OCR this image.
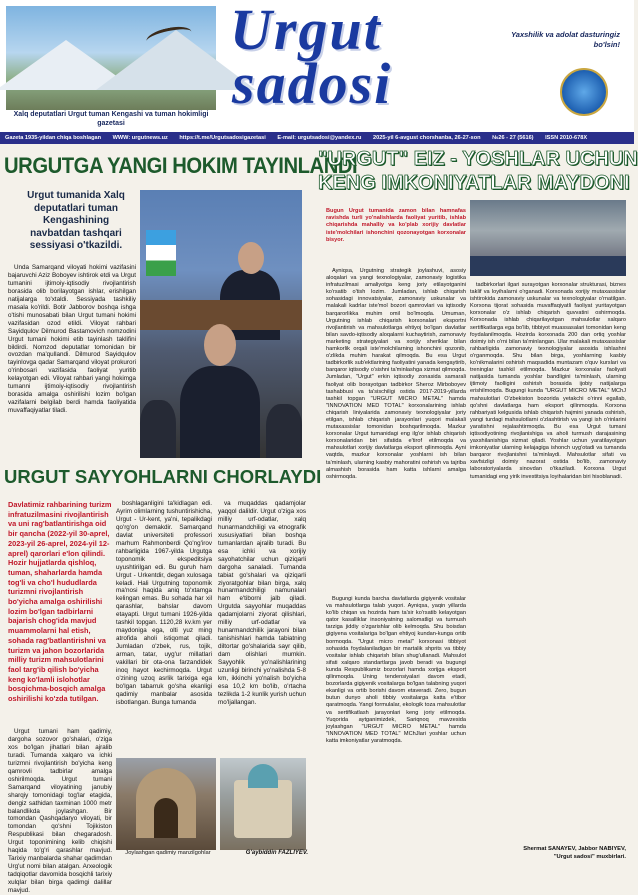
Xalq deputatlari Urgut tuman Kengashi va tuman hokimligi gazetasi
Urgut
sadosi
Yaxshilik va adolat dasturingiz bo'lsin!
Gazeta 1935-yildan chiqa boshlagan WWW: urgutnews.uz https://t.me/Urgutsadosigazetasi E-mail: urgutsadosi@yandex.ru 2025-yil 6-avgust chorshanba, 26-27-son №26 - 27 (5616) ISSN 2010-678X
URGUTGA YANGI HOKIM TAYINLANDI
Urgut tumanida Xalq deputatlari tuman Kengashining navbatdan tashqari sessiyasi o'tkazildi.

Unda Samarqand viloyati hokimi vazifasini bajaruvchi Aziz Boboyev ishtirok etdi va Urgut tumanini ijtimoiy-iqtisodiy rivojlantirish borasida olib borilayotgan ishlar, erishilgan natijalarga to'xtaldi. Sessiyada tashkiliy masala ko'rildi. Botir Jabborov boshqa ishga o'tishi munosabati bilan Urgut tumani hokimi vazifasidan ozod etildi. Viloyat rahbari Sayidqulov Dilmurod Bastamovich nomzodini Urgut tumani hokimi etib tayinlash taklifini bildirdi. Nomzod deputatlar tomonidan bir ovozdan ma'qullandi. Dilmurod Sayidqulov tayinlovga qadar Samarqand viloyat prokurori o'rinbosari vazifasida faoliyat yuritib kelayotgan edi. Viloyat rahbari yangi hokimga tumanni ijtimoiy-iqtisodiy rivojlantirish borasida amalga oshirilishi lozim bo'lgan vazifalarni belgilab berdi hamda faoliyatida muvaffaqiyatlar tiladi.

URGUT SAYYOHLARNI CHORLAYDI
Davlatimiz rahbarining turizm infratuzilmasini rivojlantirish va uni rag'batlantirishga oid bir qancha (2022-yil 30-aprel, 2023-yil 26-aprel, 2024-yil 12-aprel) qarorlari e'lon qilindi. Hozir hujjatlarda qishloq, tuman, shaharlarda hamda tog'li va cho'l hududlarda turizmni rivojlantirish bo'yicha amalga oshirilishi lozim bo'lgan tadbirlarni bajarish chog'ida mavjud muammolarni hal etish, sohada rag'batlantirishni va turizm va jahon bozorlarida milliy turizm mahsulotlarini faol targ'ib qilish bo'yicha keng ko'lamli islohotlar bosqichma-bosqich amalga oshirilishi ko'zda tutilgan.

Urgut tumani ham qadimiy, dargoha sozovor go'shalari, o'ziga xos bo'lgan jihatlari bilan ajralib turadi. Tumanda xalqaro va ichki turizmni rivojlantirish bo'yicha keng qamrovli tadbirlar amalga oshirilmoqda. Urgut tumani Samarqand viloyatining janubiy sharqiy tomonidagi tog'lar etagida, dengiz sathidan taxminan 1000 metr balandlikda joylashgan. Bir tomondan Qashqadaryo viloyati, bir tomondan qo'shni Tojikiston Respublikasi bilan chegaradosh. Urgut toponimining kelib chiqishi haqida to'g'ri qarashlar mavjud. Tarixiy manbalarda shahar qadimdan Urg'ut nomi bilan atalgan. Arxeologik tadqiqotlar davomida bosqichli tarixiy xulqlar bilan birga qadimgi dalillar mavjud.

boshlaganligini ta'kidlagan edi. Ayrim olimlarning tushuntirishicha, Urgut - Ur-kent, ya'ni, tepalikdagi qo'rg'on demakdir. Samarqand davlat universiteti professori marhum Rahmonberdi Qo'ng'irov rahbarligida 1967-yilda Urgutga toponomik ekspeditsiya uyushtirilgan edi. Bu guruh ham Urgut - Urkentdir, degan xulosaga keladi. Hali Urgutning toponomik ma'nosi haqida aniq to'xtamga kelingan emas. Bu sohada har xil qarashlar, bahslar davom etayapti. Urgut tumani 1926-yilda tashkil topgan. 1120,28 kv.km yer maydoniga ega, olti yuz ming atrofida aholi istiqomat qiladi. Jumladan o'zbek, rus, tojik, arman, tatar, uyg'ur millatlari vakillari bir ota-ona farzandidek inoq hayot kechirmoqda. Urgut o'zining uzoq asrlik tarixiga ega bo'lgan tabarruk go'sha ekanligi qadimiy manbalar asosida isbotlangan. Bunga tumanda

va muqaddas qadamjolar yaqqol dalildir. Urgut o'ziga xos milliy urf-odatlar, xalq hunarmandchiligi va etnografik xususiyatlari bilan boshqa tumanlardan ajralib turadi. Bu esa ichki va xorijiy sayohatchilar uchun qiziqarli dargoha sanaladi. Tumanda tabiat go'shalari va qiziqarli ziyoratgohlar bilan birga, xalq hunarmandchiligi namunalari ham e'tiborni jalb qiladi. Urgutda sayyohlar muqaddas qadamjolarni ziyorat qilishlari, milliy urf-odatlar va hunarmandchilik jarayoni bilan tanishishlari hamda tabiatning diltortar go'shalarida sayr qilib, dam olishlari mumkin. Sayyohlik yo'nalishlarining uzunligi birinchi yo'nalishda 5-8 km, ikkinchi yo'nalish bo'yicha esa 10,2 km bo'lib, o'rtacha tezlikda 1-2 kunlik yurish uchun mo'ljallangan.

Joylashgan qadimiy manzilgohlar	G'aybiddin FAZLIYEV.
"URGUT" EIZ - YOSHLAR UCHUN
KENG IMKONIYATLAR MAYDONI
Bugun Urgut tumanida zamon bilan hamnafas ravishda turli yo'nalishlarda faoliyat yuritib, ishlab chiqarishda mahalliy va ko'plab xorijiy davlatlar iste'molchilari ishonchini qozonayotgan korxonalar bisyor.

Ayniqsa, Urgutning strategik joylashuvi, asosiy aloqalari va yangi texnologiyalar, zamonaviy logistika infratuzilmasi amaliyotga keng joriy etilayotganini ko'rsatib o'tish lozim. Jumladan, ishlab chiqarish sohasidagi innovatsiyalar, zamonaviy uskunalar va malakali kadrlar iste'mol bozori qamrovlari va iqtisodiy barqarorlikka muhim omil bo'lmoqda. Umuman, Urgutning ishlab chiqarish korxonalari eksportni rivojlantirish va mahsulotlarga ehtiyoj bo'lgan davlatlar bilan savdo-iqtisodiy aloqalarni kuchaytirish, zamonaviy marketing strategiyalari va xorijiy sheriklar bilan hamkorlik orqali iste'molchilarning ishonchini qozonib, o'zlikda muhim harakat qilmoqda. Bu esa Urgut tadbirkorlik sub'ektlarining faoliyatini yanada kengaytirib, barqaror iqtisodiy o'sishni ta'minlashga xizmat qilmoqda. Jumladan, "Urgut" erkin iqtisodiy zonasida samarali faoliyat olib borayotgan tadbirkor Sheroz Mirbobоyev tashabbusi va ta'sischiligi ostida 2017-2019-yillarda tashkil topgan "URGUT MICRO METAL" hamda "INNOVATION MED TOTAL" korxonalarining ishlab chiqarish liniyalarida zamonaviy texnologiyalar joriy etilgan, ishlab chiqarish jarayonlari yuqori malakali mutaxassislar tomonidan boshqarilmoqda. Mazkur korxonalar Urgut tumanidagi eng ilg'or ishlab chiqarish korxonalaridan biri sifatida e'tirof etilmoqda va mahsulotlari xorijiy davlatlarga eksport qilinmoqda. Ayni vaqtda, mazkur korxonalar yoshlarni ish bilan ta'minlash, ularning kasbiy mahoratini oshirish va tajriba almashish borasida ham katta ishlarni amalga oshirmoqda.

Bugungi kunda barcha davlatlarda gigiyenik vositalar va mahsulotlarga talab yuqori. Ayniqsa, yaqin yillarda ko'lib chiqan va hozirda ham ta'sir ko'rsatib kelayotgan qator kasalliklar insoniyatning salomatligi va turmush tarziga jiddiy o'zgarishlar olib kelmoqda. Shu boisdan gigiyena vositalariga bo'lgan ehtiyoj kundan-kunga ortib bormoqda. "Urgut micro metal" korxonasi tibbiyot sohasida foydalaniladigan bir martalik shprits va tibbiy vositalar ishlab chiqarish bilan shug'ullanadi. Mahsulot sifati xalqaro standartlarga javob beradi va bugungi kunda Respublikamiz bozorlari hamda xorijga eksport qilinmoqda. Uning tendensiyalari davom etadi, bozorlarda gigiyenik vositalarga bo'lgan talabning yuqori ekanligi va ortib borishi davom etaveradi. Zero, bugun butun dunyo aholi tibbiy vositalarga katta e'tibor qaratmoqda. Yangi formulalar, ekologik toza mahsulotlar va sertifikatlash jarayonlari keng joriy etilmoqda. Yuqorida aytganimizdek, Sariqnoq mavzesida joylashgan "URGUT MICRO METAL" hamda "INNOVATION MED TOTAL" MChJlari yoshlar uchun katta imkoniyatlar yaratmoqda.

tadbirkorlari ilgari surayotgan korxonalar strukturasi, biznes taklif va loyihalarni o'rganadi. Korxonada xorijiy mutaxassislar ishtirokida zamonaviy uskunalar va texnologiyalar o'rnatilgan. Korxona tijorat sohasida muvaffaqiyatli faoliyat yuritayotgan korxonalar o'z ishlab chiqarish quvvatini oshirmoqda. Korxonada ishlab chiqarilayotgan mahsulotlar xalqaro sertifikatlarga ega bo'lib, tibbiyot muassasalari tomonidan keng foydalanilmoqda. Hozirda korxonada 200 dan ortiq yoshlar doimiy ish o'rni bilan ta'minlangan. Ular malakali mutaxassislar rahbarligida zamonaviy texnologiyalar asosida ishlashni o'rganmoqda. Shu bilan birga, yoshlarning kasbiy ko'nikmalarini oshirish maqsadida muntazam o'quv kurslari va treninglar tashkil etilmoqda. Mazkur korxonalar faoliyati natijasida tumanda yoshlar bandligini ta'minlash, ularning ijtimoiy faolligini oshirish borasida ijobiy natijalarga erishilmoqda. Bugungi kunda "URGUT MICRO METAL" MChJ mahsulotlari O'zbekiston bozorida yetakchi o'rinni egallab, qo'shni davlatlarga ham eksport qilinmoqda. Korxona rahbariyati kelgusida ishlab chiqarish hajmini yanada oshirish, yangi turdagi mahsulotlarni o'zlashtirish va yangi ish o'rinlarini yaratishni rejalashtirmoqda. Bu esa Urgut tumani iqtisodiyotining rivojlanishiga va aholi turmush darajasining yaxshilanishiga xizmat qiladi. Yoshlar uchun yaratilayotgan imkoniyatlar ularning kelajagiga ishonch uyg'otadi va tumanda barqaror rivojlanishni ta'minlaydi. Mahsulotlar sifati va xavfsizligi doimiy nazorat ostida bo'lib, zamonaviy laboratoriyalarda sinovdan o'tkaziladi. Korxona Urgut tumanidagi eng yirik investitsiya loyihalaridan biri hisoblanadi.

Shermat SANAYEV, Jabbor NABIYEV,
"Urgut sadosi" muxbirlari.
